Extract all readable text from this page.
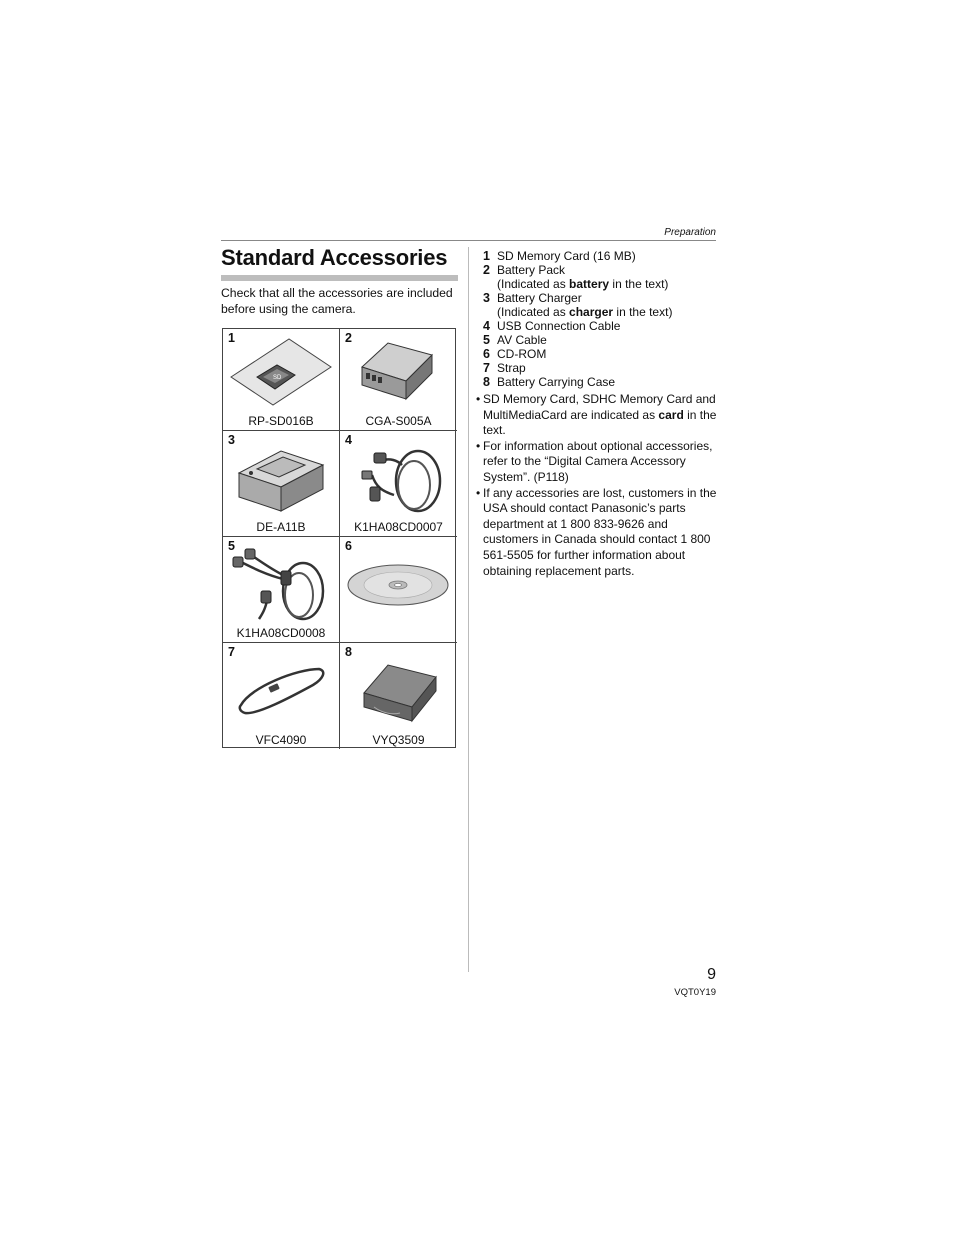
Preparation
Standard Accessories
Check that all the accessories are included before using the camera.
1
SD
RP-SD016B
2
CGA-S005A
3
DE-A11B
4
K1HA08CD0007
5
K1HA08CD0008
6
7
VFC4090
8
VYQ3509
1 SD Memory Card (16 MB)
2 Battery Pack
(Indicated as battery in the text)
3 Battery Charger
(Indicated as charger in the text)
4 USB Connection Cable
5 AV Cable
6 CD-ROM
7 Strap
8 Battery Carrying Case
• SD Memory Card, SDHC Memory Card and MultiMediaCard are indicated as card in the text.
• For information about optional accessories, refer to the “Digital Camera Accessory System”. (P118)
• If any accessories are lost, customers in the USA should contact Panasonic’s parts department at 1 800 833-9626 and customers in Canada should contact 1 800 561-5505 for further information about obtaining replacement parts.
9
VQT0Y19
